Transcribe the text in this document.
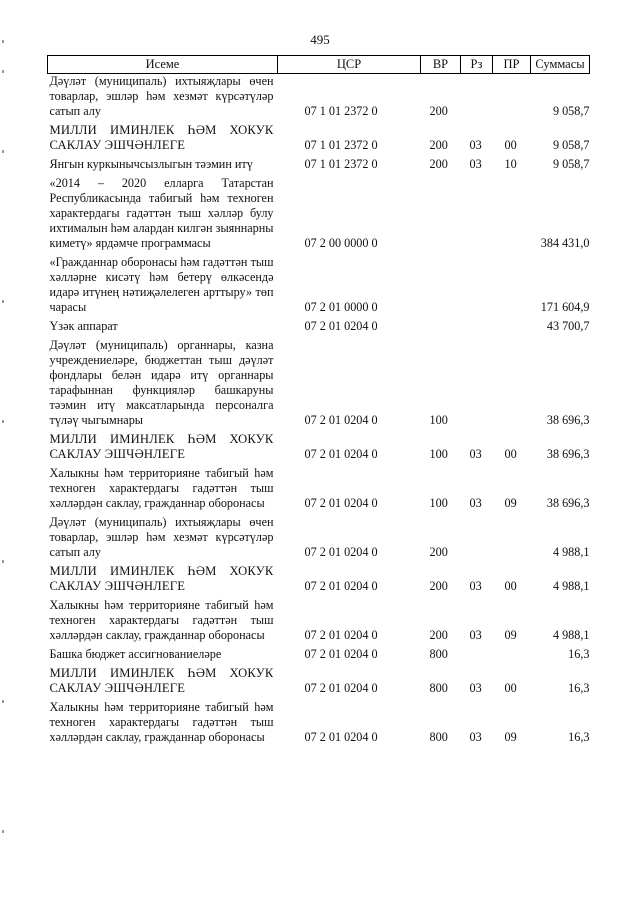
495
Исеме	ЦСР	ВР	Рз	ПР	Суммасы
Дәүләт (муниципаль) ихтыяҗлары өчен товарлар, эшләр һәм хезмәт күрсәтүләр сатып алу	07 1 01 2372 0	200			9 058,7
МИЛЛИ ИМИНЛЕК ҺӘМ ХОКУК САКЛАУ ЭШЧӘНЛЕГЕ	07 1 01 2372 0	200	03	00	9 058,7
Янгын куркынычсызлыгын тәэмин итү	07 1 01 2372 0	200	03	10	9 058,7
«2014 – 2020 елларга Татарстан Республикасында табигый һәм техноген характердагы гадәттән тыш хәлләр булу ихтималын һәм алардан килгән зыяннарны киметү» ярдәмче программасы	07 2 00 0000 0				384 431,0
«Гражданнар оборонасы һәм гадәттән тыш хәлләрне кисәтү һәм бетерү өлкәсендә идарә итүнең нәтиҗәлелеген арттыру» төп чарасы	07 2 01 0000 0				171 604,9
Үзәк аппарат	07 2 01 0204 0				43 700,7
Дәүләт (муниципаль) органнары, казна учреждениеләре, бюджеттан тыш дәүләт фондлары белән идарә итү органнары тарафыннан функцияләр башкаруны тәэмин итү максатларында персоналга түләү чыгымнары	07 2 01 0204 0	100			38 696,3
МИЛЛИ ИМИНЛЕК ҺӘМ ХОКУК САКЛАУ ЭШЧӘНЛЕГЕ	07 2 01 0204 0	100	03	00	38 696,3
Халыкны һәм территорияне табигый һәм техноген характердагы гадәттән тыш хәлләрдән саклау, гражданнар оборонасы	07 2 01 0204 0	100	03	09	38 696,3
Дәүләт (муниципаль) ихтыяҗлары өчен товарлар, эшләр һәм хезмәт күрсәтүләр сатып алу	07 2 01 0204 0	200			4 988,1
МИЛЛИ ИМИНЛЕК ҺӘМ ХОКУК САКЛАУ ЭШЧӘНЛЕГЕ	07 2 01 0204 0	200	03	00	4 988,1
Халыкны һәм территорияне табигый һәм техноген характердагы гадәттән тыш хәлләрдән саклау, гражданнар оборонасы	07 2 01 0204 0	200	03	09	4 988,1
Башка бюджет ассигнованиеләре	07 2 01 0204 0	800			16,3
МИЛЛИ ИМИНЛЕК ҺӘМ ХОКУК САКЛАУ ЭШЧӘНЛЕГЕ	07 2 01 0204 0	800	03	00	16,3
Халыкны һәм территорияне табигый һәм техноген характердагы гадәттән тыш хәлләрдән саклау, гражданнар оборонасы	07 2 01 0204 0	800	03	09	16,3
